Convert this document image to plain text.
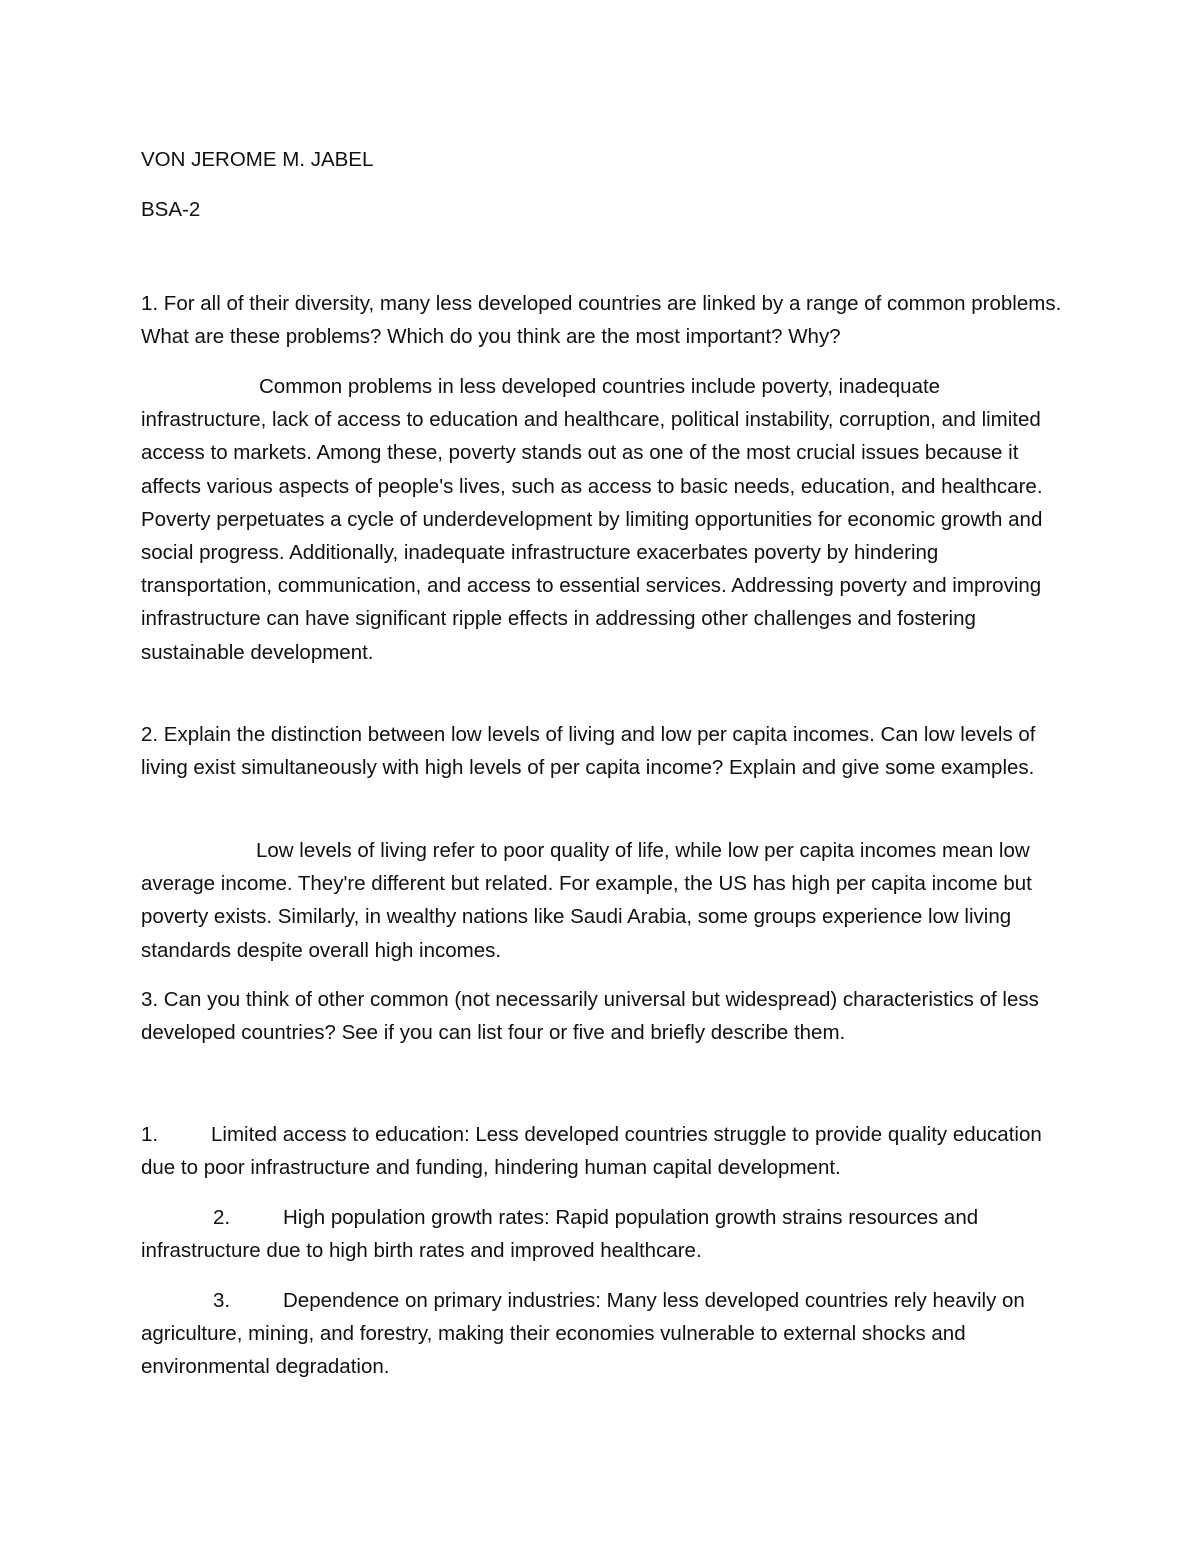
VON JEROME M. JABEL

BSA-2

1. For all of their diversity, many less developed countries are linked by a range of common problems. What are these problems? Which do you think are the most important? Why?

Common problems in less developed countries include poverty, inadequate infrastructure, lack of access to education and healthcare, political instability, corruption, and limited access to markets. Among these, poverty stands out as one of the most crucial issues because it affects various aspects of people's lives, such as access to basic needs, education, and healthcare. Poverty perpetuates a cycle of underdevelopment by limiting opportunities for economic growth and social progress. Additionally, inadequate infrastructure exacerbates poverty by hindering transportation, communication, and access to essential services. Addressing poverty and improving infrastructure can have significant ripple effects in addressing other challenges and fostering sustainable development.

2. Explain the distinction between low levels of living and low per capita incomes. Can low levels of living exist simultaneously with high levels of per capita income? Explain and give some examples.

Low levels of living refer to poor quality of life, while low per capita incomes mean low average income. They're different but related. For example, the US has high per capita income but poverty exists. Similarly, in wealthy nations like Saudi Arabia, some groups experience low living standards despite overall high incomes.

3. Can you think of other common (not necessarily universal but widespread) characteristics of less developed countries? See if you can list four or five and briefly describe them.

1.	Limited access to education: Less developed countries struggle to provide quality education due to poor infrastructure and funding, hindering human capital development.

2.	High population growth rates: Rapid population growth strains resources and infrastructure due to high birth rates and improved healthcare.

3.	Dependence on primary industries: Many less developed countries rely heavily on agriculture, mining, and forestry, making their economies vulnerable to external shocks and environmental degradation.
